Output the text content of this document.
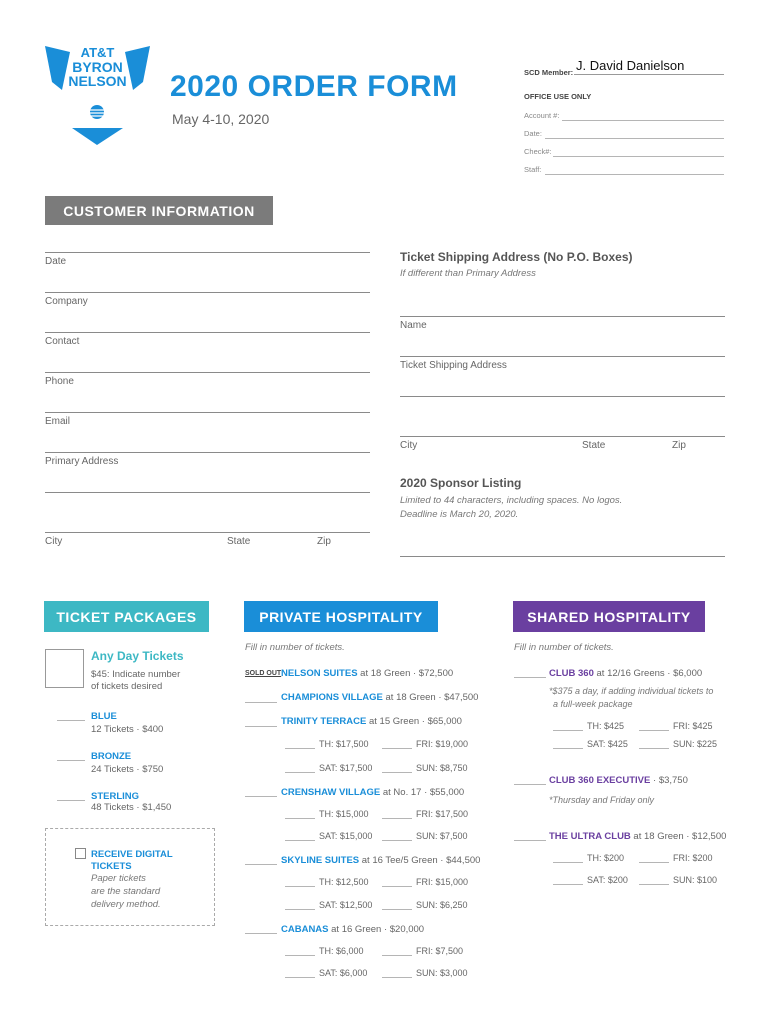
AT&T
BYRON
NELSON	2020 ORDER FORM
May 4-10, 2020
SCD Member: J. David Danielson
OFFICE USE ONLY
Account #:
Date:
Check#:
Staff:
CUSTOMER INFORMATION
Date
Company
Contact
Phone
Email
Primary Address
City	State	Zip
Ticket Shipping Address (No P.O. Boxes)
If different than Primary Address
Name
Ticket Shipping Address
City	State	Zip
2020 Sponsor Listing
Limited to 44 characters, including spaces. No logos.
Deadline is March 20, 2020.
TICKET PACKAGES
Any Day Tickets
$45: Indicate number
of tickets desired
BLUE
12 Tickets · $400
BRONZE
24 Tickets · $750
STERLING
48 Tickets · $1,450
RECEIVE DIGITAL
TICKETS
Paper tickets
are the standard
delivery method.
PRIVATE HOSPITALITY
Fill in number of tickets.
SOLD OUT NELSON SUITES at 18 Green · $72,500
CHAMPIONS VILLAGE at 18 Green · $47,500
TRINITY TERRACE at 15 Green · $65,000
TH: $17,500	FRI: $19,000
SAT: $17,500	SUN: $8,750
CRENSHAW VILLAGE at No. 17 · $55,000
TH: $15,000	FRI: $17,500
SAT: $15,000	SUN: $7,500
SKYLINE SUITES at 16 Tee/5 Green · $44,500
TH: $12,500	FRI: $15,000
SAT: $12,500	SUN: $6,250
CABANAS at 16 Green · $20,000
TH: $6,000	FRI: $7,500
SAT: $6,000	SUN: $3,000
SHARED HOSPITALITY
Fill in number of tickets.
CLUB 360 at 12/16 Greens · $6,000
*$375 a day, if adding individual tickets to
a full-week package
TH: $425	FRI: $425
SAT: $425	SUN: $225
CLUB 360 EXECUTIVE · $3,750
*Thursday and Friday only
THE ULTRA CLUB at 18 Green · $12,500
TH: $200	FRI: $200
SAT: $200	SUN: $100
